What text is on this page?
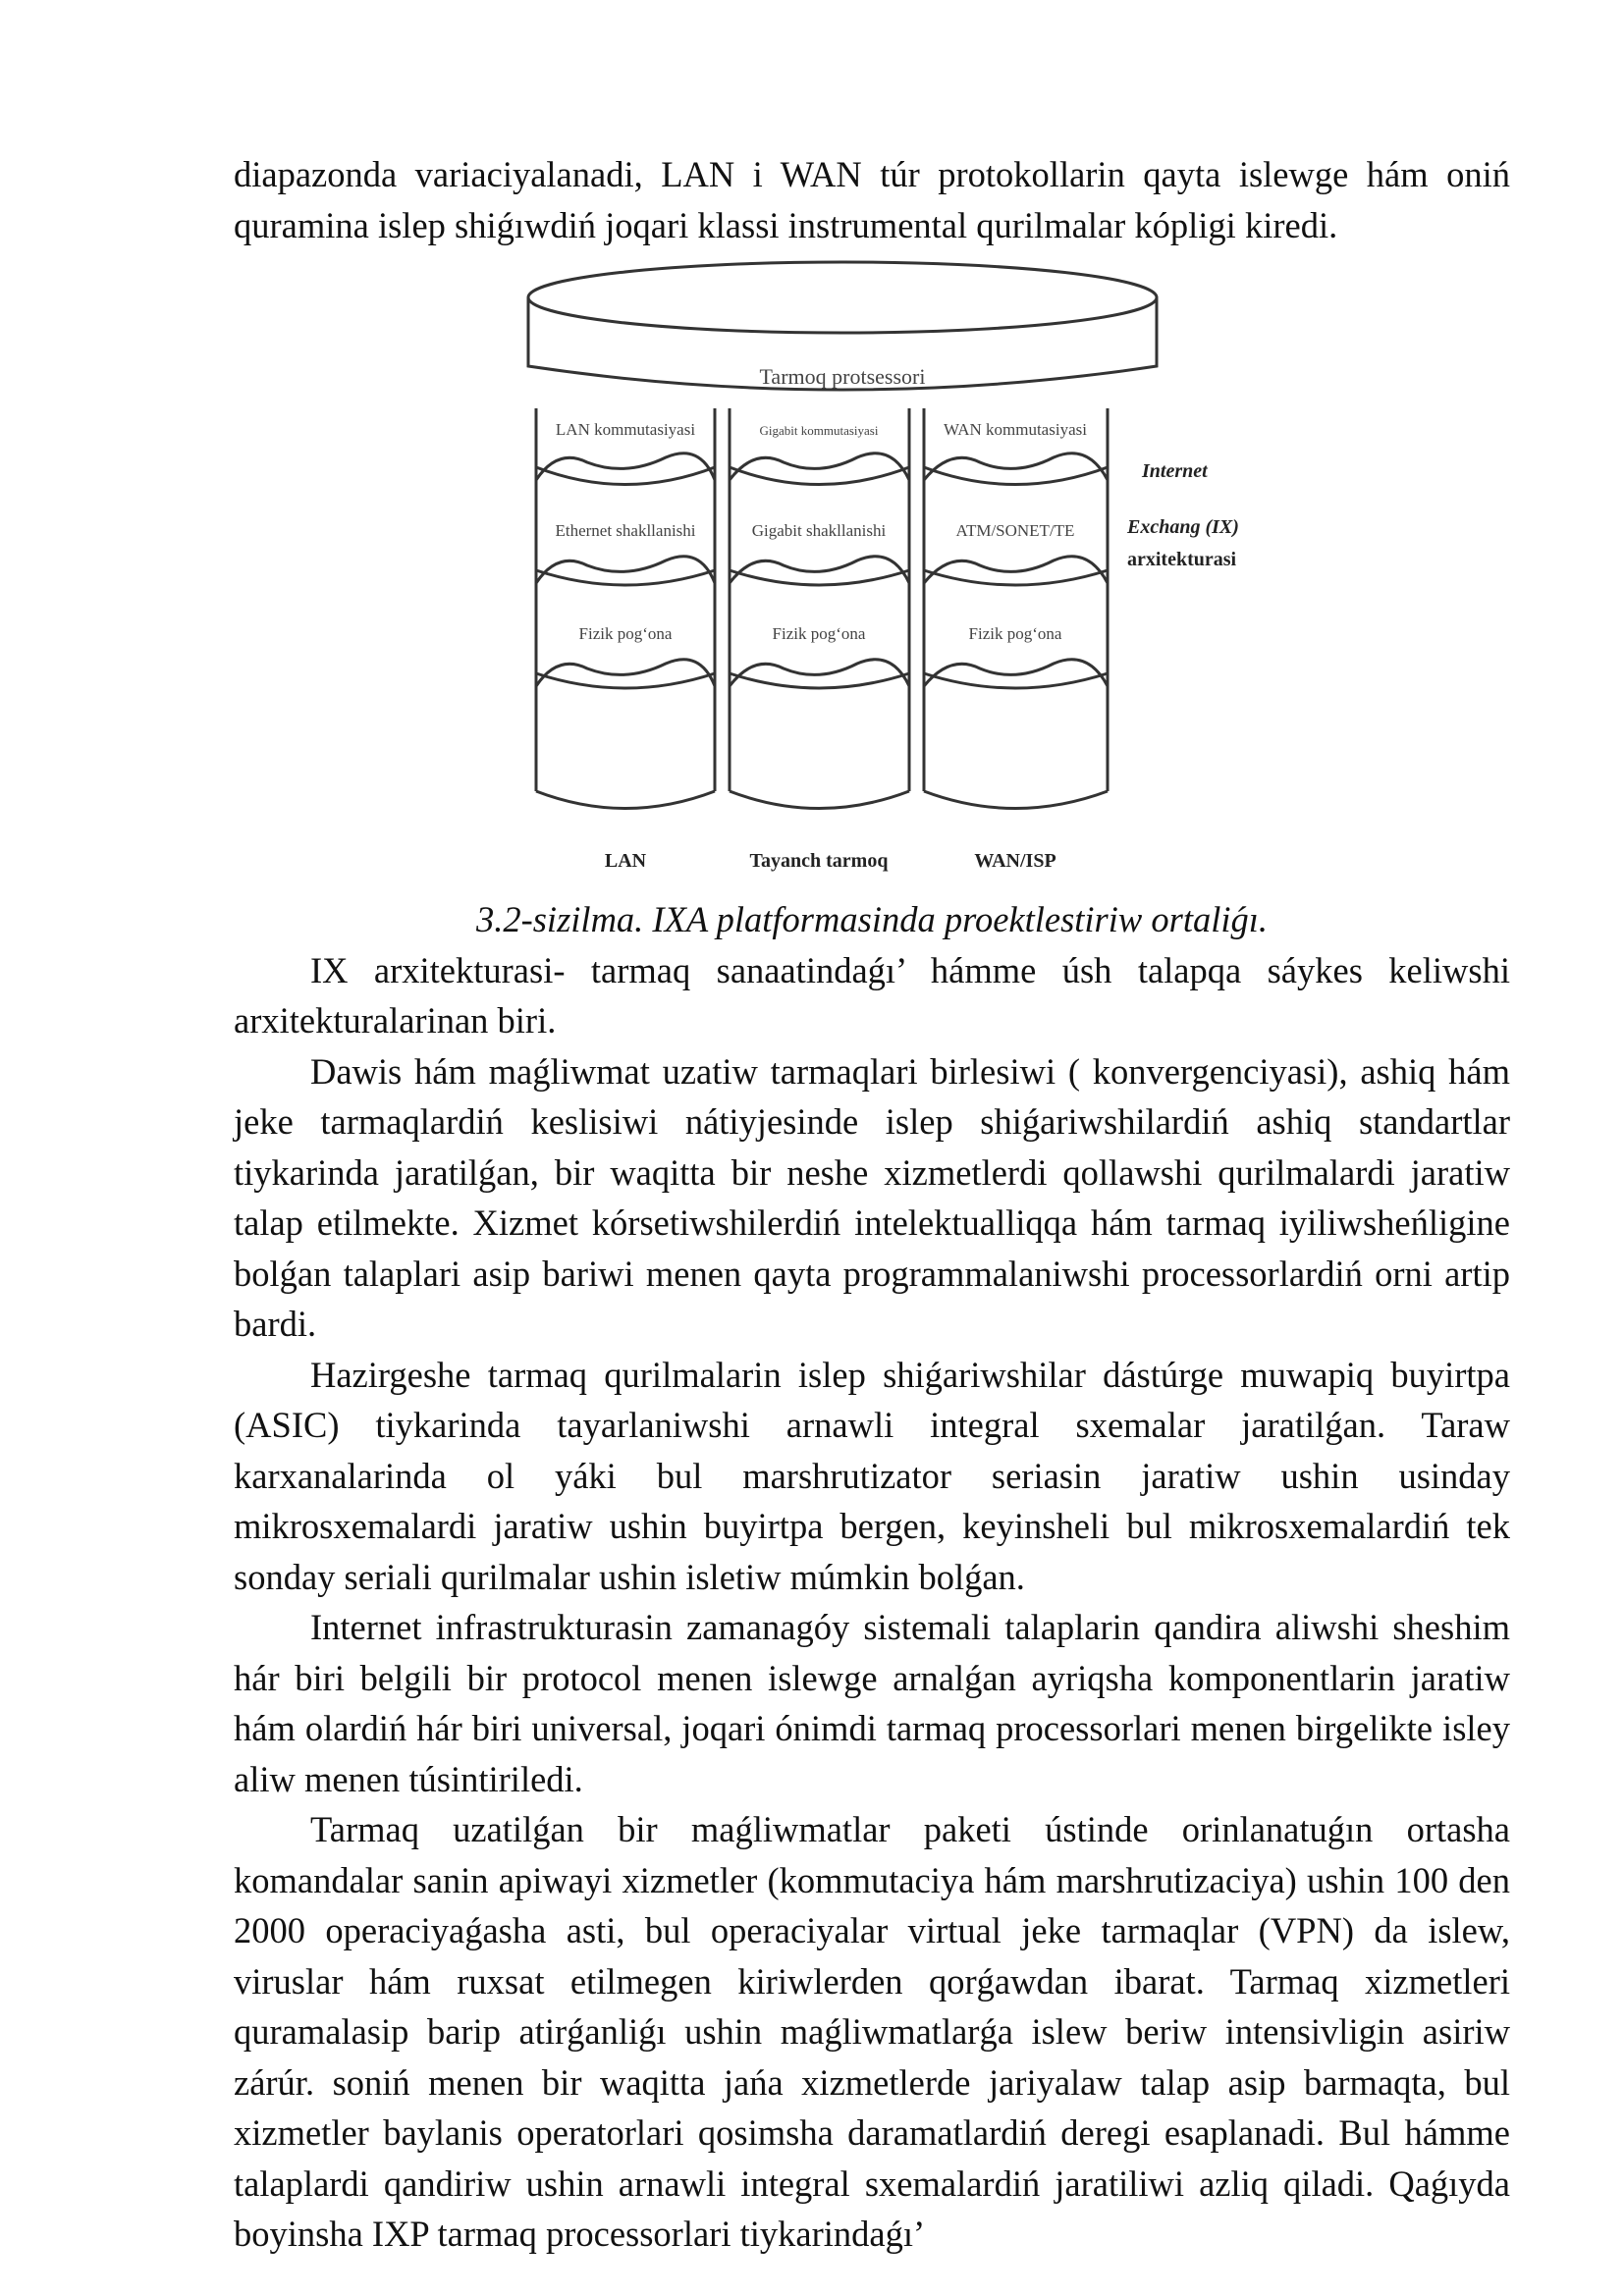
diapazonda variaciyalanadi, LAN i WAN túr protokollarin qayta islewge hám oniń quramina islep shiǵıwdiń joqari klassi instrumental qurilmalar kópligi kiredi.

Tarmoq protsessori
LAN kommutasiyasi
Ethernet shakllanishi
Fizik pog‘ona
LAN
Gigabit kommutasiyasi
Gigabit shakllanishi
Fizik pog‘ona
Tayanch tarmoq
WAN kommutasiyasi
ATM/SONET/TE
Fizik pog‘ona
WAN/ISP
Internet
Exchang (IX)
arxitekturasi

3.2-sizilma. IXA platformasinda proektlestiriw ortaliǵı.

IX arxitekturasi- tarmaq sanaatindaǵı’ hámme úsh talapqa sáykes keliwshi arxitekturalarinan biri.

Dawis hám maǵliwmat uzatiw tarmaqlari birlesiwi ( konvergenciyasi), ashiq hám jeke tarmaqlardiń keslisiwi nátiyjesinde islep shiǵariwshilardiń ashiq standartlar tiykarinda jaratilǵan, bir waqitta bir neshe xizmetlerdi qollawshi qurilmalardi jaratiw talap etilmekte. Xizmet kórsetiwshilerdiń intelektualliqqa hám tarmaq iyiliwsheńligine bolǵan talaplari asip bariwi menen qayta programmalaniwshi processorlardiń orni artip bardi.

Hazirgeshe tarmaq qurilmalarin islep shiǵariwshilar dástúrge muwapiq buyirtpa (ASIC) tiykarinda tayarlaniwshi arnawli integral sxemalar jaratilǵan. Taraw karxanalarinda ol yáki bul marshrutizator seriasin jaratiw ushin usinday mikrosxemalardi jaratiw ushin buyirtpa bergen, keyinsheli bul mikrosxemalardiń tek sonday seriali qurilmalar ushin isletiw múmkin bolǵan.

Internet infrastrukturasin zamanagóy sistemali talaplarin qandira aliwshi sheshim hár biri belgili bir protocol menen islewge arnalǵan ayriqsha komponentlarin jaratiw hám olardiń hár biri universal, joqari ónimdi tarmaq processorlari menen birgelikte isley aliw menen túsintiriledi.

Tarmaq uzatilǵan bir maǵliwmatlar paketi ústinde orinlanatuǵın ortasha komandalar sanin apiwayi xizmetler (kommutaciya hám marshrutizaciya) ushin 100 den 2000 operaciyaǵasha asti, bul operaciyalar virtual jeke tarmaqlar (VPN) da islew, viruslar hám ruxsat etilmegen kiriwlerden qorǵawdan ibarat. Tarmaq xizmetleri quramalasip barip atirǵanliǵı ushin maǵliwmatlarǵa islew beriw intensivligin asiriw zárúr. soniń menen bir waqitta jańa xizmetlerde jariyalaw talap asip barmaqta, bul xizmetler baylanis operatorlari qosimsha daramatlardiń deregi esaplanadi. Bul hámme talaplardi qandiriw ushin arnawli integral sxemalardiń jaratiliwi azliq qiladi. Qaǵıyda boyinsha IXP tarmaq processorlari tiykarindaǵı’
